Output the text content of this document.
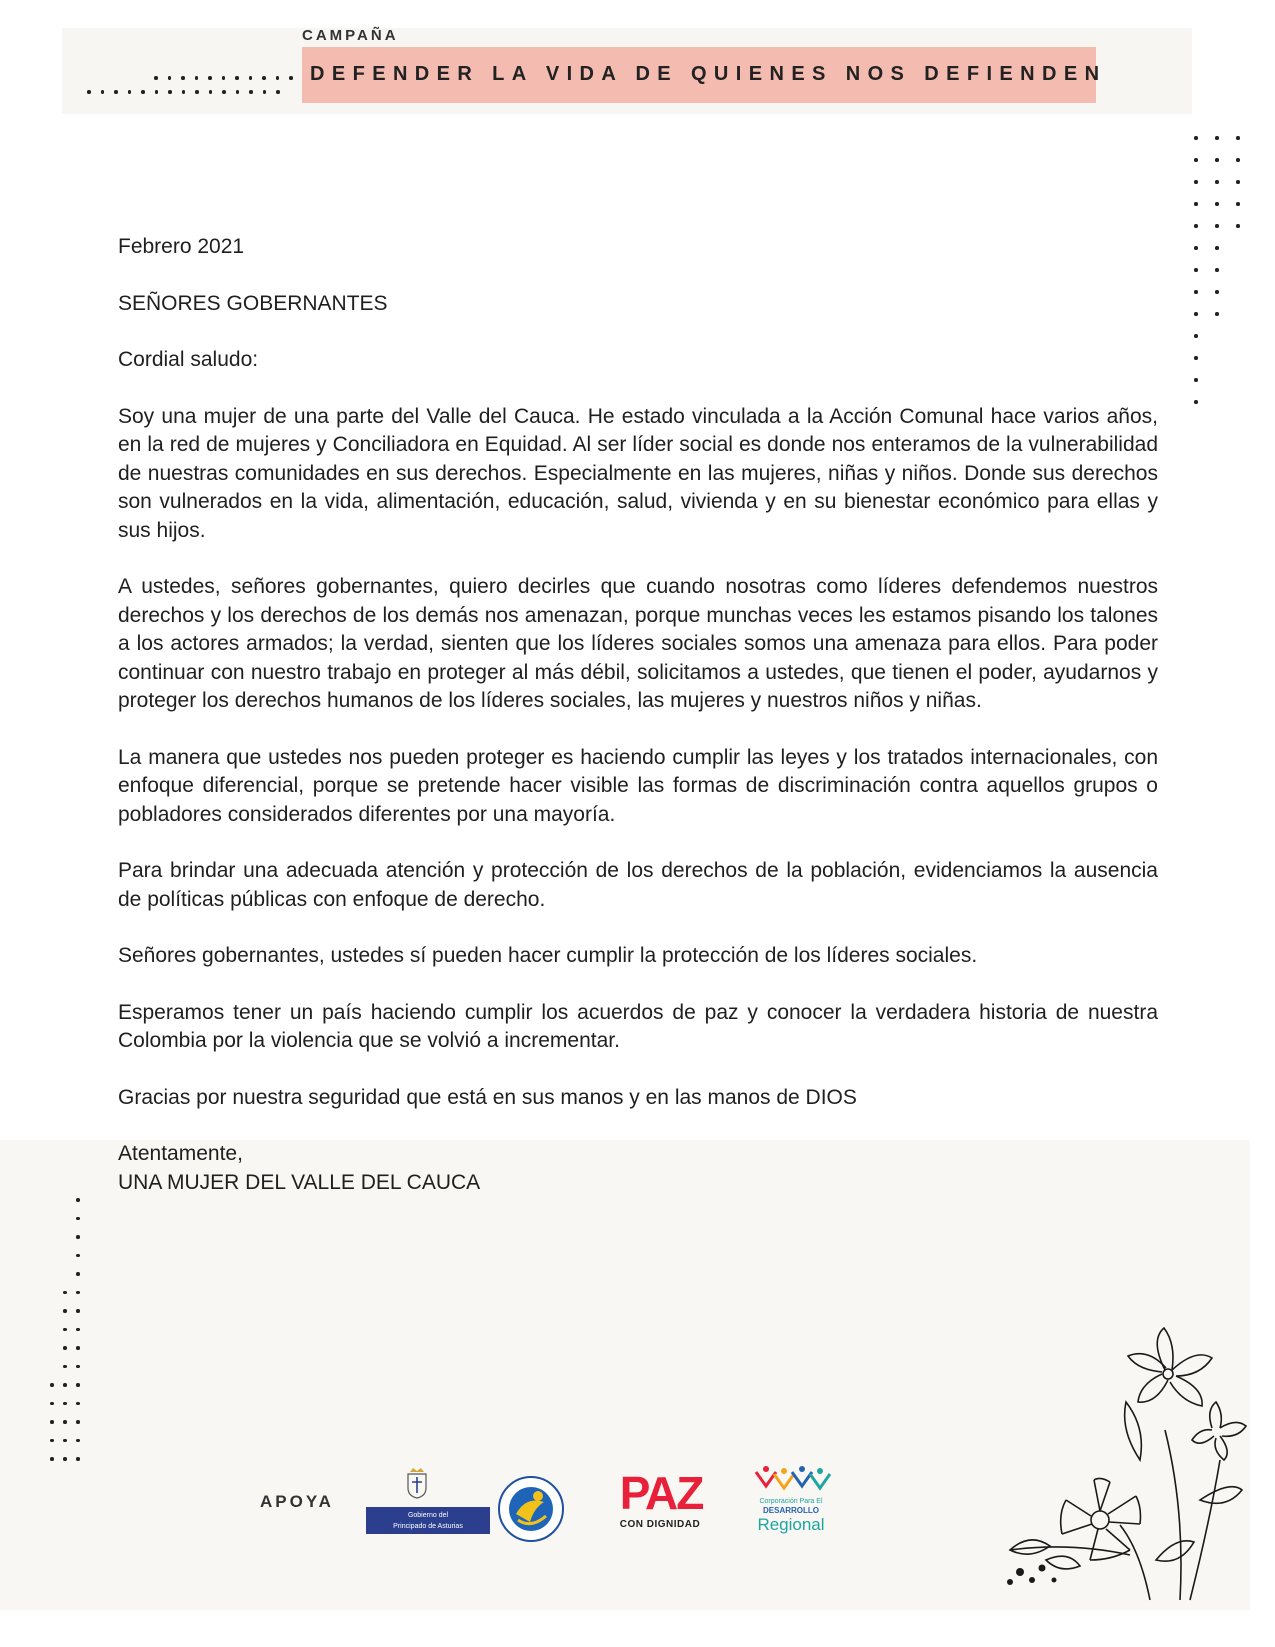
CAMPAÑA
DEFENDER LA VIDA DE QUIENES NOS DEFIENDEN

Febrero 2021

SEÑORES GOBERNANTES

Cordial saludo:

Soy una mujer de una parte del Valle del Cauca. He estado vinculada a la Acción Comunal hace varios años, en la red de mujeres y Conciliadora en Equidad. Al ser líder social es donde nos enteramos de la vulnerabilidad de nuestras comunidades en sus derechos. Especialmente en las mujeres, niñas y niños. Donde sus derechos son vulnerados en la vida, alimentación, educación, salud, vivienda y en su bienestar económico para ellas y sus hijos.

A ustedes, señores gobernantes, quiero decirles que cuando nosotras como líderes defendemos nuestros derechos y los derechos de los demás nos amenazan, porque munchas veces les estamos pisando los talones a los actores armados; la verdad, sienten que los líderes sociales somos una amenaza para ellos. Para poder continuar con nuestro trabajo en proteger al más débil, solicitamos a ustedes, que tienen el poder, ayudarnos y proteger los derechos humanos de los líderes sociales, las mujeres y nuestros niños y niñas.

La manera que ustedes nos pueden proteger es haciendo cumplir las leyes y los tratados internacionales, con enfoque diferencial, porque se pretende hacer visible las formas de discriminación contra aquellos grupos o pobladores considerados diferentes por una mayoría.

Para brindar una adecuada atención y protección de los derechos de la población, evidenciamos la ausencia de políticas públicas con enfoque de derecho.

Señores gobernantes, ustedes sí pueden hacer cumplir la protección de los líderes sociales.

Esperamos tener un país haciendo cumplir los acuerdos de paz y conocer la verdadera historia de nuestra Colombia por la violencia que se volvió a incrementar.

Gracias por nuestra seguridad que está en sus manos y en las manos de DIOS

Atentamente,

UNA MUJER DEL VALLE DEL CAUCA

APOYA
Gobierno del
Principado de Asturias
PAZ
CON DIGNIDAD
Corporación Para El
DESARROLLO
Regional
